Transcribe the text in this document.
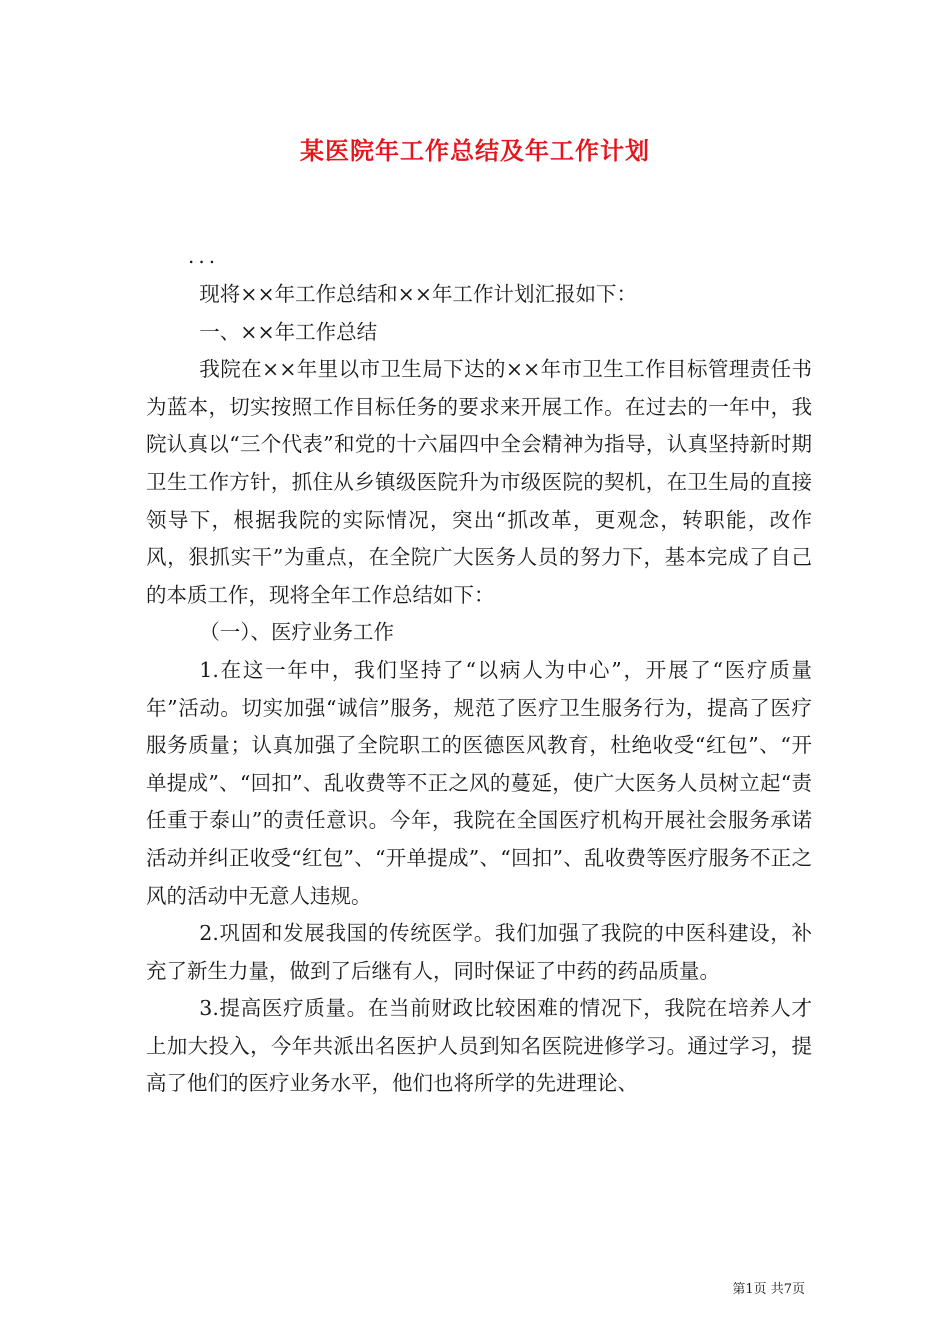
某医院年工作总结及年工作计划
...

现将××年工作总结和××年工作计划汇报如下：

一、××年工作总结

我院在××年里以市卫生局下达的××年市卫生工作目标管理责任书为蓝本，切实按照工作目标任务的要求来开展工作。在过去的一年中，我院认真以“三个代表”和党的十六届四中全会精神为指导，认真坚持新时期卫生工作方针，抓住从乡镇级医院升为市级医院的契机，在卫生局的直接领导下，根据我院的实际情况，突出“抓改革，更观念，转职能，改作风，狠抓实干”为重点，在全院广大医务人员的努力下，基本完成了自己的本质工作，现将全年工作总结如下：

（一）、医疗业务工作

1.在这一年中，我们坚持了“以病人为中心”，开展了“医疗质量年”活动。切实加强“诚信”服务，规范了医疗卫生服务行为，提高了医疗服务质量；认真加强了全院职工的医德医风教育，杜绝收受“红包”、“开单提成”、“回扣”、乱收费等不正之风的蔓延，使广大医务人员树立起“责任重于泰山”的责任意识。今年，我院在全国医疗机构开展社会服务承诺活动并纠正收受“红包”、“开单提成”、“回扣”、乱收费等医疗服务不正之风的活动中无意人违规。

2.巩固和发展我国的传统医学。我们加强了我院的中医科建设，补充了新生力量，做到了后继有人，同时保证了中药的药品质量。

3.提高医疗质量。在当前财政比较困难的情况下，我院在培养人才上加大投入，今年共派出名医护人员到知名医院进修学习。通过学习，提高了他们的医疗业务水平，他们也将所学的先进理论、

第1页 共7页
